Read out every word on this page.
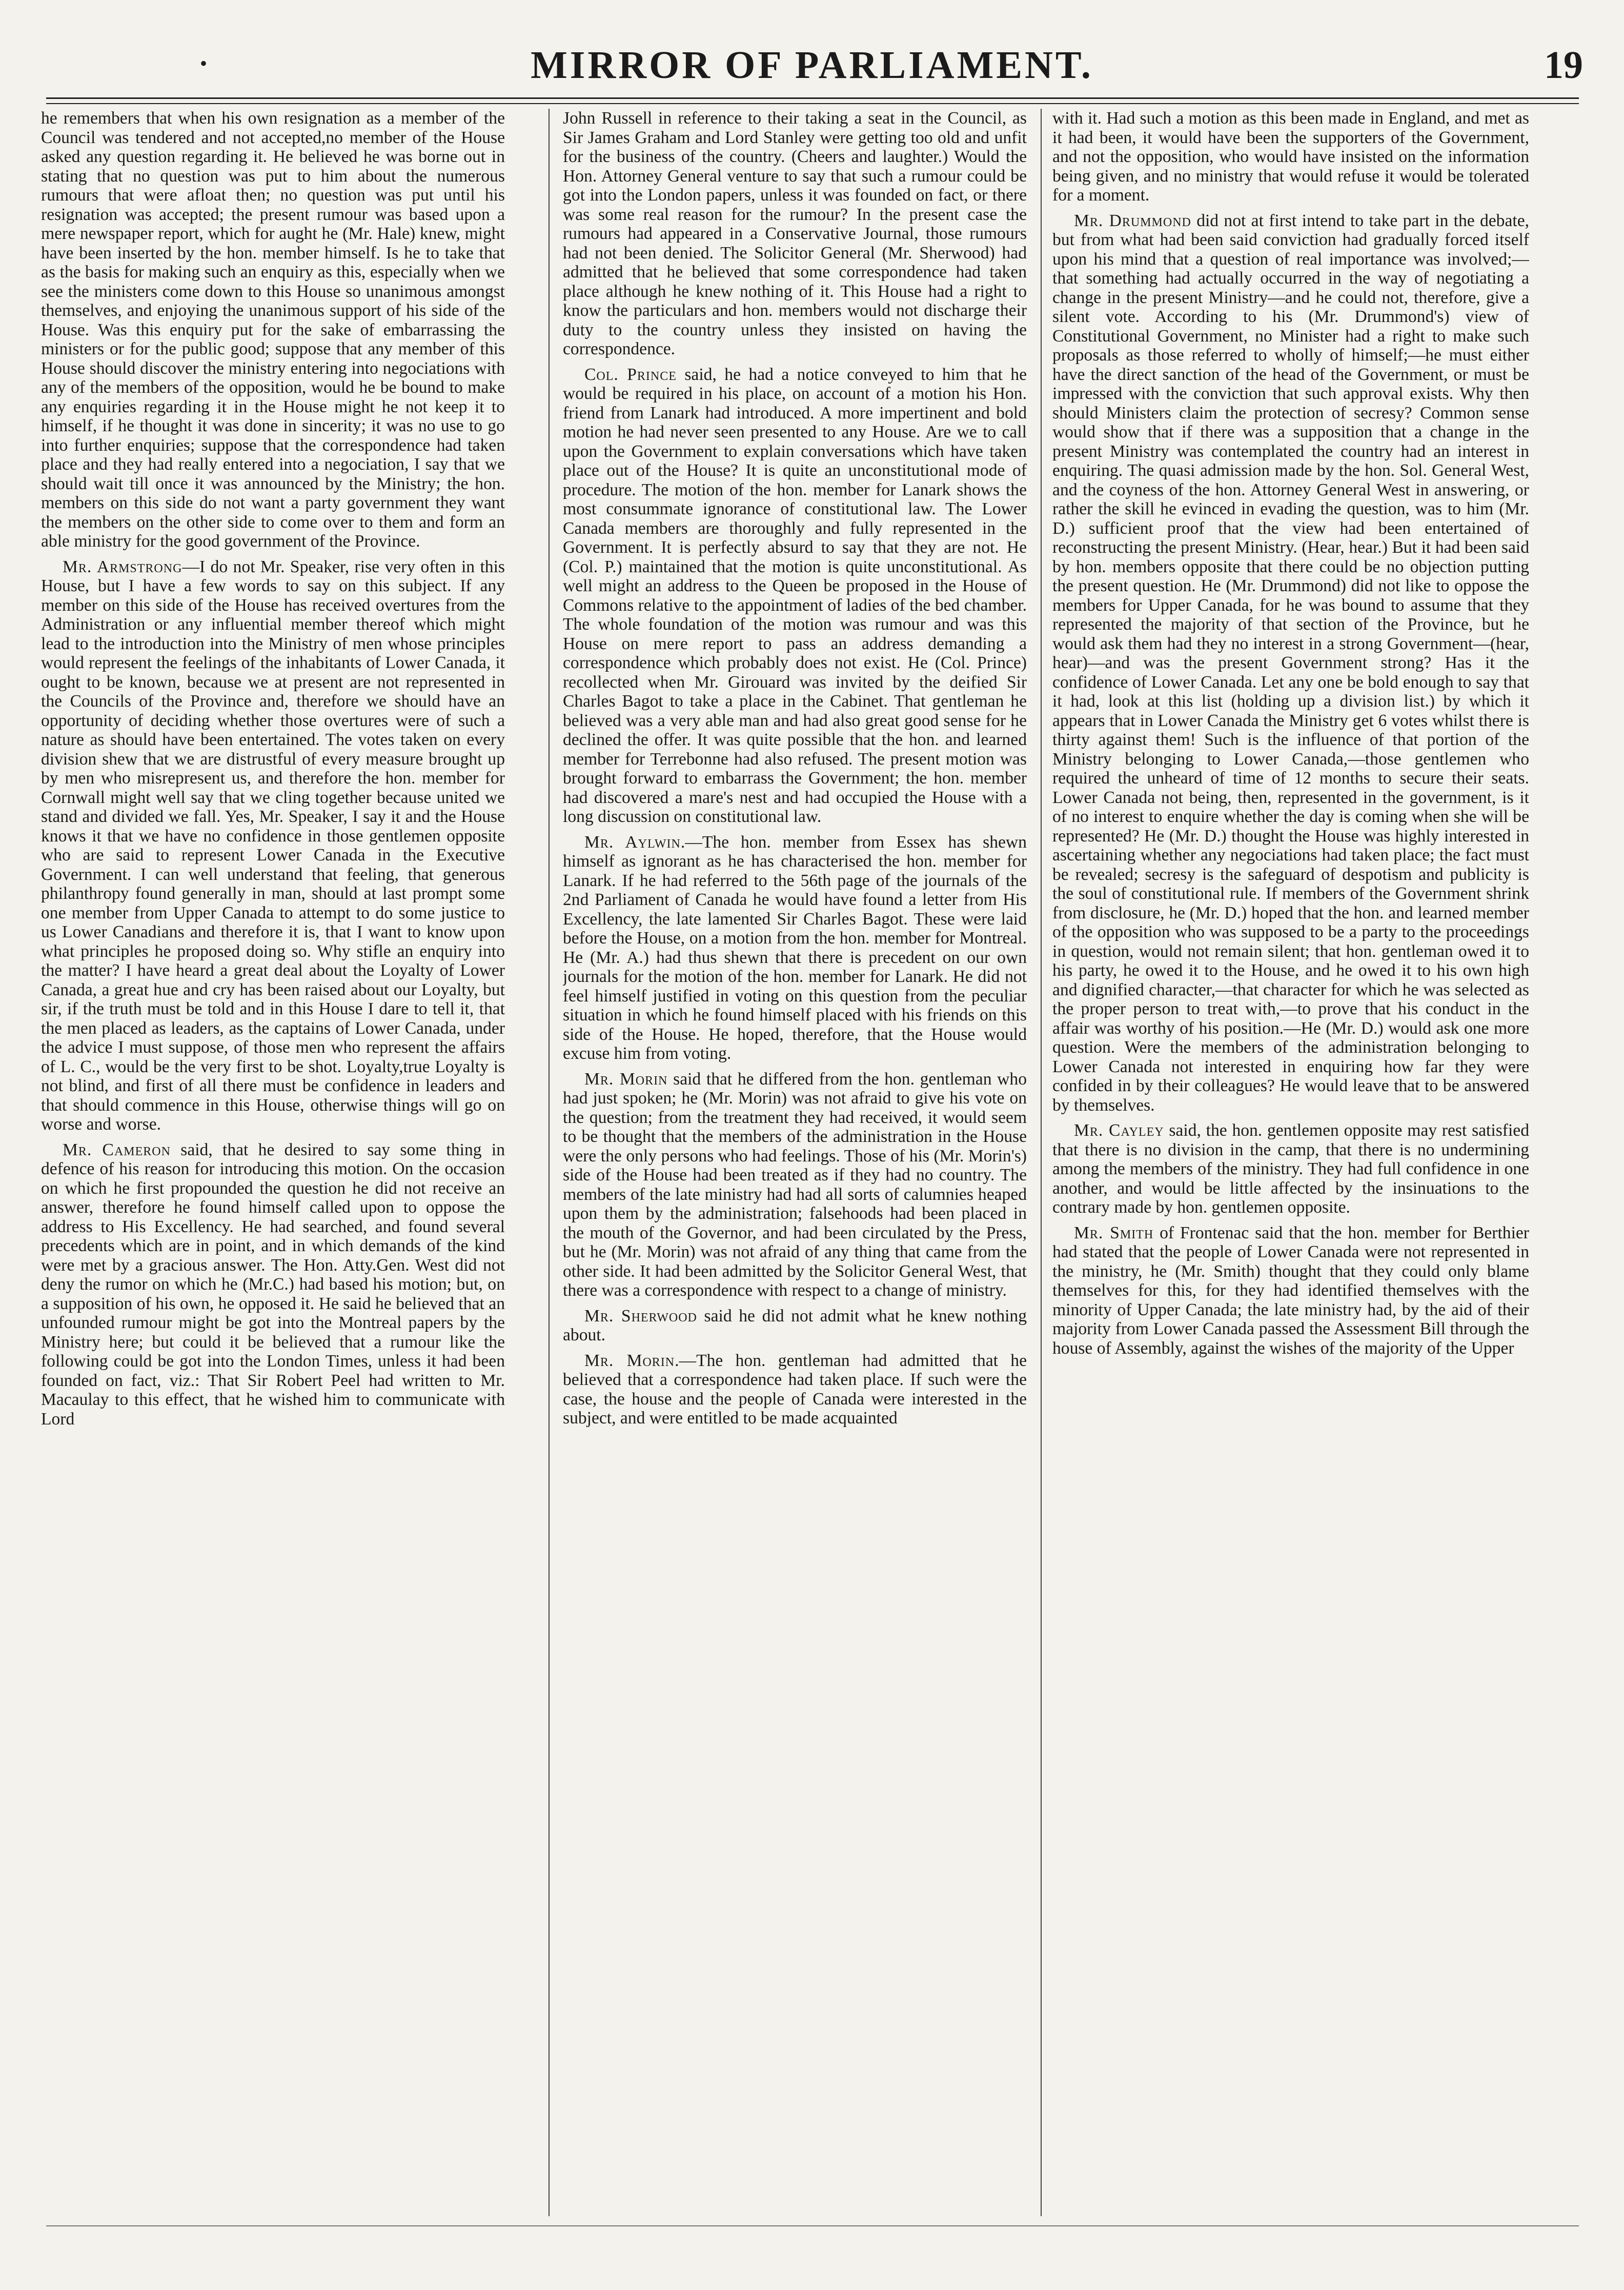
•	MIRROR OF PARLIAMENT.	19

he remembers that when his own resignation as a member of the Council was tendered and not accepted,no member of the House asked any question regarding it. He believed he was borne out in stating that no question was put to him about the numerous rumours that were afloat then; no question was put until his resignation was accepted; the present rumour was based upon a mere newspaper report, which for aught he (Mr. Hale) knew, might have been inserted by the hon. member himself. Is he to take that as the basis for making such an enquiry as this, especially when we see the ministers come down to this House so unanimous amongst themselves, and enjoying the unanimous support of his side of the House. Was this enquiry put for the sake of embarrassing the ministers or for the public good; suppose that any member of this House should discover the ministry entering into negociations with any of the members of the opposition, would he be bound to make any enquiries regarding it in the House might he not keep it to himself, if he thought it was done in sincerity; it was no use to go into further enquiries; suppose that the correspondence had taken place and they had really entered into a negociation, I say that we should wait till once it was announced by the Ministry; the hon. members on this side do not want a party government they want the members on the other side to come over to them and form an able ministry for the good government of the Province.

Mr. Armstrong—I do not Mr. Speaker, rise very often in this House, but I have a few words to say on this subject. If any member on this side of the House has received overtures from the Administration or any influential member thereof which might lead to the introduction into the Ministry of men whose principles would represent the feelings of the inhabitants of Lower Canada, it ought to be known, because we at present are not represented in the Councils of the Province and, therefore we should have an opportunity of deciding whether those overtures were of such a nature as should have been entertained. The votes taken on every division shew that we are distrustful of every measure brought up by men who misrepresent us, and therefore the hon. member for Cornwall might well say that we cling together because united we stand and divided we fall. Yes, Mr. Speaker, I say it and the House knows it that we have no confidence in those gentlemen opposite who are said to represent Lower Canada in the Executive Government. I can well understand that feeling, that generous philanthropy found generally in man, should at last prompt some one member from Upper Canada to attempt to do some justice to us Lower Canadians and therefore it is, that I want to know upon what principles he proposed doing so. Why stifle an enquiry into the matter? I have heard a great deal about the Loyalty of Lower Canada, a great hue and cry has been raised about our Loyalty, but sir, if the truth must be told and in this House I dare to tell it, that the men placed as leaders, as the captains of Lower Canada, under the advice I must suppose, of those men who represent the affairs of L. C., would be the very first to be shot. Loyalty,true Loyalty is not blind, and first of all there must be confidence in leaders and that should commence in this House, otherwise things will go on worse and worse.

Mr. Cameron said, that he desired to say some thing in defence of his reason for introducing this motion. On the occasion on which he first propounded the question he did not receive an answer, therefore he found himself called upon to oppose the address to His Excellency. He had searched, and found several precedents which are in point, and in which demands of the kind were met by a gracious answer. The Hon. Atty.Gen. West did not deny the rumor on which he (Mr.C.) had based his motion; but, on a supposition of his own, he opposed it. He said he believed that an unfounded rumour might be got into the Montreal papers by the Ministry here; but could it be believed that a rumour like the following could be got into the London Times, unless it had been founded on fact, viz.: That Sir Robert Peel had written to Mr. Macaulay to this effect, that he wished him to communicate with Lord

John Russell in reference to their taking a seat in the Council, as Sir James Graham and Lord Stanley were getting too old and unfit for the business of the country. (Cheers and laughter.) Would the Hon. Attorney General venture to say that such a rumour could be got into the London papers, unless it was founded on fact, or there was some real reason for the rumour? In the present case the rumours had appeared in a Conservative Journal, those rumours had not been denied. The Solicitor General (Mr. Sherwood) had admitted that he believed that some correspondence had taken place although he knew nothing of it. This House had a right to know the particulars and hon. members would not discharge their duty to the country unless they insisted on having the correspondence.

Col. Prince said, he had a notice conveyed to him that he would be required in his place, on account of a motion his Hon. friend from Lanark had introduced. A more impertinent and bold motion he had never seen presented to any House. Are we to call upon the Government to explain conversations which have taken place out of the House? It is quite an unconstitutional mode of procedure. The motion of the hon. member for Lanark shows the most consummate ignorance of constitutional law. The Lower Canada members are thoroughly and fully represented in the Government. It is perfectly absurd to say that they are not. He (Col. P.) maintained that the motion is quite unconstitutional. As well might an address to the Queen be proposed in the House of Commons relative to the appointment of ladies of the bed chamber. The whole foundation of the motion was rumour and was this House on mere report to pass an address demanding a correspondence which probably does not exist. He (Col. Prince) recollected when Mr. Girouard was invited by the deified Sir Charles Bagot to take a place in the Cabinet. That gentleman he believed was a very able man and had also great good sense for he declined the offer. It was quite possible that the hon. and learned member for Terrebonne had also refused. The present motion was brought forward to embarrass the Government; the hon. member had discovered a mare's nest and had occupied the House with a long discussion on constitutional law.

Mr. Aylwin.—The hon. member from Essex has shewn himself as ignorant as he has characterised the hon. member for Lanark. If he had referred to the 56th page of the journals of the 2nd Parliament of Canada he would have found a letter from His Excellency, the late lamented Sir Charles Bagot. These were laid before the House, on a motion from the hon. member for Montreal. He (Mr. A.) had thus shewn that there is precedent on our own journals for the motion of the hon. member for Lanark. He did not feel himself justified in voting on this question from the peculiar situation in which he found himself placed with his friends on this side of the House. He hoped, therefore, that the House would excuse him from voting.

Mr. Morin said that he differed from the hon. gentleman who had just spoken; he (Mr. Morin) was not afraid to give his vote on the question; from the treatment they had received, it would seem to be thought that the members of the administration in the House were the only persons who had feelings. Those of his (Mr. Morin's) side of the House had been treated as if they had no country. The members of the late ministry had had all sorts of calumnies heaped upon them by the administration; falsehoods had been placed in the mouth of the Governor, and had been circulated by the Press, but he (Mr. Morin) was not afraid of any thing that came from the other side. It had been admitted by the Solicitor General West, that there was a correspondence with respect to a change of ministry.

Mr. Sherwood said he did not admit what he knew nothing about.

Mr. Morin.—The hon. gentleman had admitted that he believed that a correspondence had taken place. If such were the case, the house and the people of Canada were interested in the subject, and were entitled to be made acquainted

with it. Had such a motion as this been made in England, and met as it had been, it would have been the supporters of the Government, and not the opposition, who would have insisted on the information being given, and no ministry that would refuse it would be tolerated for a moment.

Mr. Drummond did not at first intend to take part in the debate, but from what had been said conviction had gradually forced itself upon his mind that a question of real importance was involved;—that something had actually occurred in the way of negotiating a change in the present Ministry—and he could not, therefore, give a silent vote. According to his (Mr. Drummond's) view of Constitutional Government, no Minister had a right to make such proposals as those referred to wholly of himself;—he must either have the direct sanction of the head of the Government, or must be impressed with the conviction that such approval exists. Why then should Ministers claim the protection of secresy? Common sense would show that if there was a supposition that a change in the present Ministry was contemplated the country had an interest in enquiring. The quasi admission made by the hon. Sol. General West, and the coyness of the hon. Attorney General West in answering, or rather the skill he evinced in evading the question, was to him (Mr. D.) sufficient proof that the view had been entertained of reconstructing the present Ministry. (Hear, hear.) But it had been said by hon. members opposite that there could be no objection putting the present question. He (Mr. Drummond) did not like to oppose the members for Upper Canada, for he was bound to assume that they represented the majority of that section of the Province, but he would ask them had they no interest in a strong Government—(hear, hear)—and was the present Government strong? Has it the confidence of Lower Canada. Let any one be bold enough to say that it had, look at this list (holding up a division list.) by which it appears that in Lower Canada the Ministry get 6 votes whilst there is thirty against them! Such is the influence of that portion of the Ministry belonging to Lower Canada,—those gentlemen who required the unheard of time of 12 months to secure their seats. Lower Canada not being, then, represented in the government, is it of no interest to enquire whether the day is coming when she will be represented? He (Mr. D.) thought the House was highly interested in ascertaining whether any negociations had taken place; the fact must be revealed; secresy is the safeguard of despotism and publicity is the soul of constitutional rule. If members of the Government shrink from disclosure, he (Mr. D.) hoped that the hon. and learned member of the opposition who was supposed to be a party to the proceedings in question, would not remain silent; that hon. gentleman owed it to his party, he owed it to the House, and he owed it to his own high and dignified character,—that character for which he was selected as the proper person to treat with,—to prove that his conduct in the affair was worthy of his position.—He (Mr. D.) would ask one more question. Were the members of the administration belonging to Lower Canada not interested in enquiring how far they were confided in by their colleagues? He would leave that to be answered by themselves.

Mr. Cayley said, the hon. gentlemen opposite may rest satisfied that there is no division in the camp, that there is no undermining among the members of the ministry. They had full confidence in one another, and would be little affected by the insinuations to the contrary made by hon. gentlemen opposite.

Mr. Smith of Frontenac said that the hon. member for Berthier had stated that the people of Lower Canada were not represented in the ministry, he (Mr. Smith) thought that they could only blame themselves for this, for they had identified themselves with the minority of Upper Canada; the late ministry had, by the aid of their majority from Lower Canada passed the Assessment Bill through the house of Assembly, against the wishes of the majority of the Upper
